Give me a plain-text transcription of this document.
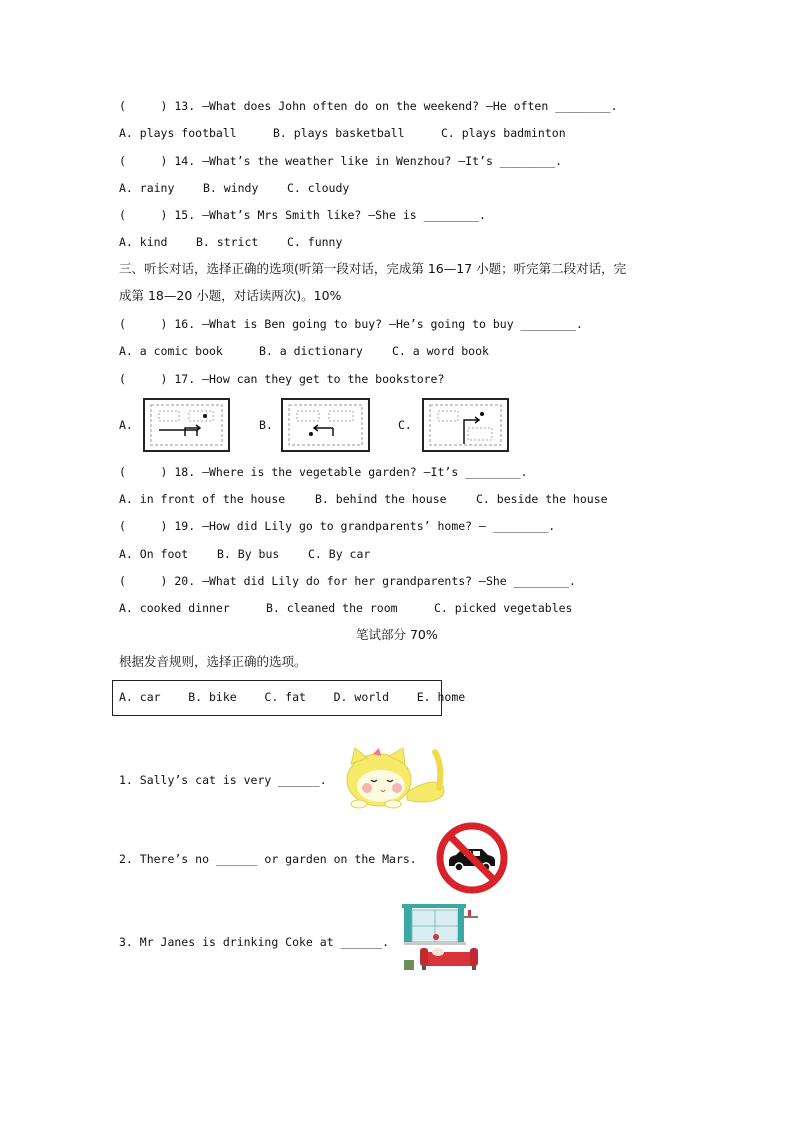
(     ) 13. —What does John often do on the weekend? —He often ________.
A. plays football	B. plays basketball	C. plays badminton
(     ) 14. —What’s the weather like in Wenzhou? —It’s ________.
A. rainy B. windy C. cloudy
(     ) 15. —What’s Mrs Smith like? —She is ________.
A. kind B. strict C. funny
三、听长对话，选择正确的选项(听第一段对话，完成第 16—17 小题；听完第二段对话，完
成第 18—20 小题，对话读两次)。10%
(     ) 16. —What is Ben going to buy? —He’s going to buy ________.
A. a comic book	B. a dictionary	C. a word book
(     ) 17. —How can they get to the bookstore?
A.	B.	C.
(     ) 18. —Where is the vegetable garden? —It’s ________.
A. in front of the house	B. behind the house	C. beside the house
(     ) 19. —How did Lily go to grandparents’ home? — ________.
A. On foot	B. By bus C. By car
(     ) 20. —What did Lily do for her grandparents? —She ________.
A. cooked dinner	B. cleaned the room	C. picked vegetables
笔试部分 70%
根据发音规则，选择正确的选项。
A. car    B. bike    C. fat    D. world    E. home
1. Sally’s cat is very ______.
2. There’s no ______ or garden on the Mars.
3. Mr Janes is drinking Coke at ______.
